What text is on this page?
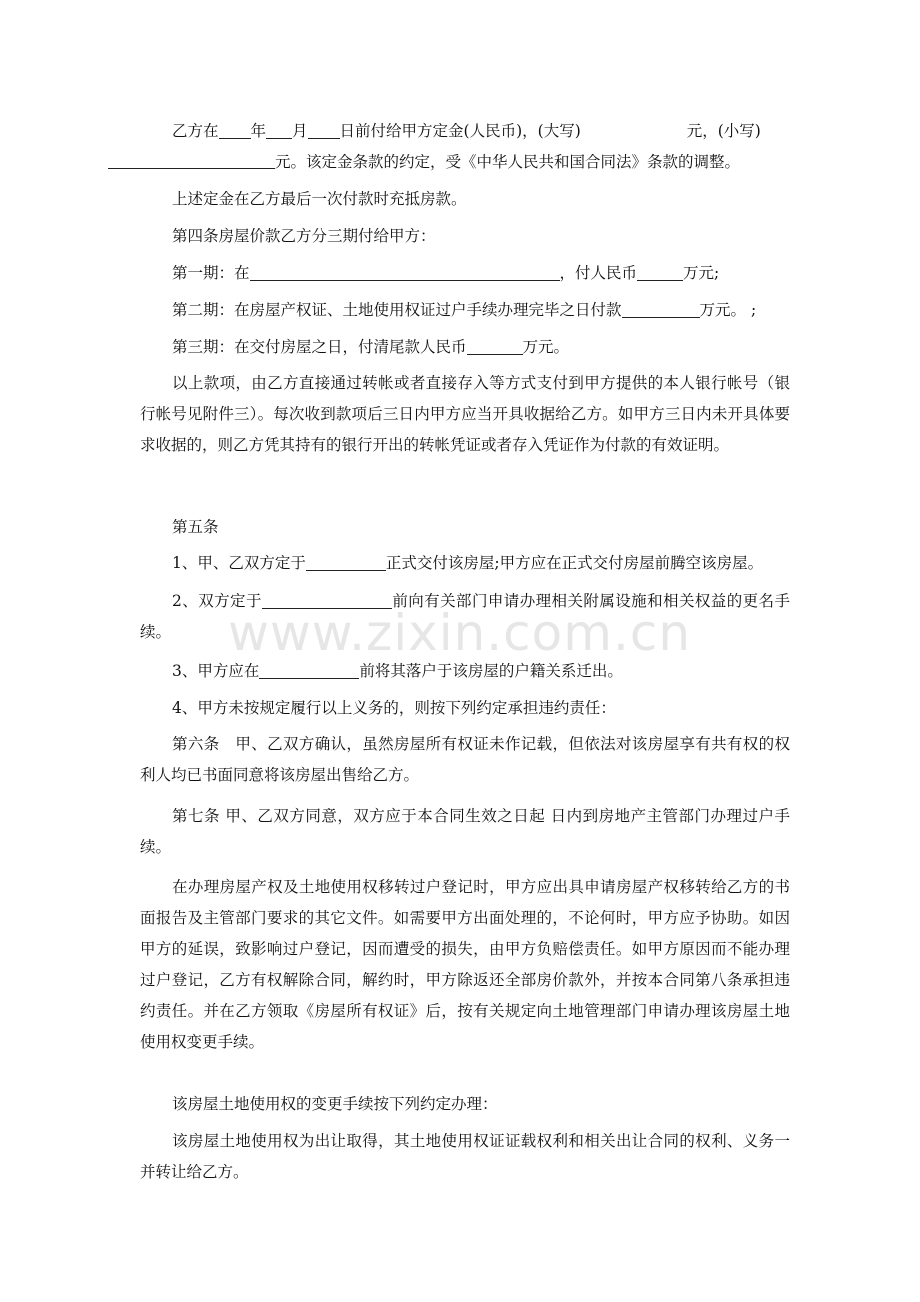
乙方在 年 月 日前付给甲方定金(人民币)，(大写)	元，(小写)
元。该定金条款的约定，受《中华人民共和国合同法》条款的调整。

上述定金在乙方最后一次付款时充抵房款。

第四条房屋价款乙方分三期付给甲方：

第一期：在	，付人民币	万元;

第二期：在房屋产权证、土地使用权证过户手续办理完毕之日付款	万元。 ;

第三期：在交付房屋之日，付清尾款人民币	万元。

以上款项，由乙方直接通过转帐或者直接存入等方式支付到甲方提供的本人银行帐号（银行帐号见附件三）。每次收到款项后三日内甲方应当开具收据给乙方。如甲方三日内未开具体要求收据的，则乙方凭其持有的银行开出的转帐凭证或者存入凭证作为付款的有效证明。

第五条

1、甲、乙双方定于	正式交付该房屋;甲方应在正式交付房屋前腾空该房屋。

2、双方定于	前向有关部门申请办理相关附属设施和相关权益的更名手续。

3、甲方应在	前将其落户于该房屋的户籍关系迁出。

4、甲方未按规定履行以上义务的，则按下列约定承担违约责任：

第六条　甲、乙双方确认，虽然房屋所有权证未作记载，但依法对该房屋享有共有权的权利人均已书面同意将该房屋出售给乙方。

第七条 甲、乙双方同意，双方应于本合同生效之日起 日内到房地产主管部门办理过户手续。

在办理房屋产权及土地使用权移转过户登记时，甲方应出具申请房屋产权移转给乙方的书面报告及主管部门要求的其它文件。如需要甲方出面处理的，不论何时，甲方应予协助。如因甲方的延误，致影响过户登记，因而遭受的损失，由甲方负赔偿责任。如甲方原因而不能办理过户登记，乙方有权解除合同，解约时，甲方除返还全部房价款外，并按本合同第八条承担违约责任。并在乙方领取《房屋所有权证》后，按有关规定向土地管理部门申请办理该房屋土地使用权变更手续。

该房屋土地使用权的变更手续按下列约定办理：

该房屋土地使用权为出让取得，其土地使用权证证载权利和相关出让合同的权利、义务一并转让给乙方。

www.zixin.com.cn
